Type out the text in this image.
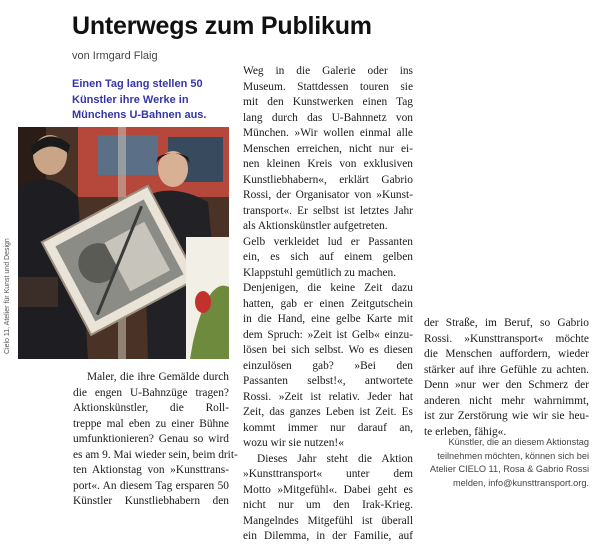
Unterwegs zum Publikum
von Irmgard Flaig
Einen Tag lang stellen 50
Künstler ihre Werke in
Münchens U-Bahnen aus.
Cielo 11, Atelier für Kunst und Design
Maler, die ihre Gemälde durch
die engen U-Bahnzüge tragen?
Aktionskünstler, die Roll-
treppe mal eben zu einer Bühne
umfunktionieren? Genau so wird
es am 9. Mai wieder sein, beim drit-
ten Aktionstag von »Kunsttrans-
port«. An diesem Tag ersparen 50
Künstler Kunstliebhabern den
Weg in die Galerie oder ins
Museum. Stattdessen touren sie
mit den Kunstwerken einen Tag
lang durch das U-Bahnnetz von
München. »Wir wollen einmal alle
Menschen erreichen, nicht nur ei-
nen kleinen Kreis von exklusiven
Kunstliebhabern«, erklärt Gabrio
Rossi, der Organisator von »Kunst-
transport«. Er selbst ist letztes Jahr
als Aktionskünstler aufgetreten.
Gelb verkleidet lud er Passanten
ein, es sich auf einem gelben
Klappstuhl gemütlich zu machen.
Denjenigen, die keine Zeit dazu
hatten, gab er einen Zeitgutschein
in die Hand, eine gelbe Karte mit
dem Spruch: »Zeit ist Gelb« einzu-
lösen bei sich selbst. Wo es diesen
einzulösen gab? »Bei den
Passanten selbst!«, antwortete
Rossi. »Zeit ist relativ. Jeder hat
Zeit, das ganzes Leben ist Zeit. Es
kommt immer nur darauf an,
wozu wir sie nutzen!«
Dieses Jahr steht die Aktion
»Kunsttransport« unter dem
Motto »Mitgefühl«. Dabei geht es
nicht nur um den Irak-Krieg.
Mangelndes Mitgefühl ist überall
ein Dilemma, in der Familie, auf
der Straße, im Beruf, so Gabrio
Rossi. »Kunsttransport« möchte
die Menschen auffordern, wieder
stärker auf ihre Gefühle zu achten.
Denn »nur wer den Schmerz der
anderen nicht mehr wahrnimmt,
ist zur Zerstörung wie wir sie heu-
te erleben, fähig«.
Künstler, die an diesem Aktionstag
teilnehmen möchten, können sich bei
Atelier CIELO 11, Rosa & Gabrio Rossi
melden, info@kunsttransport.org.
